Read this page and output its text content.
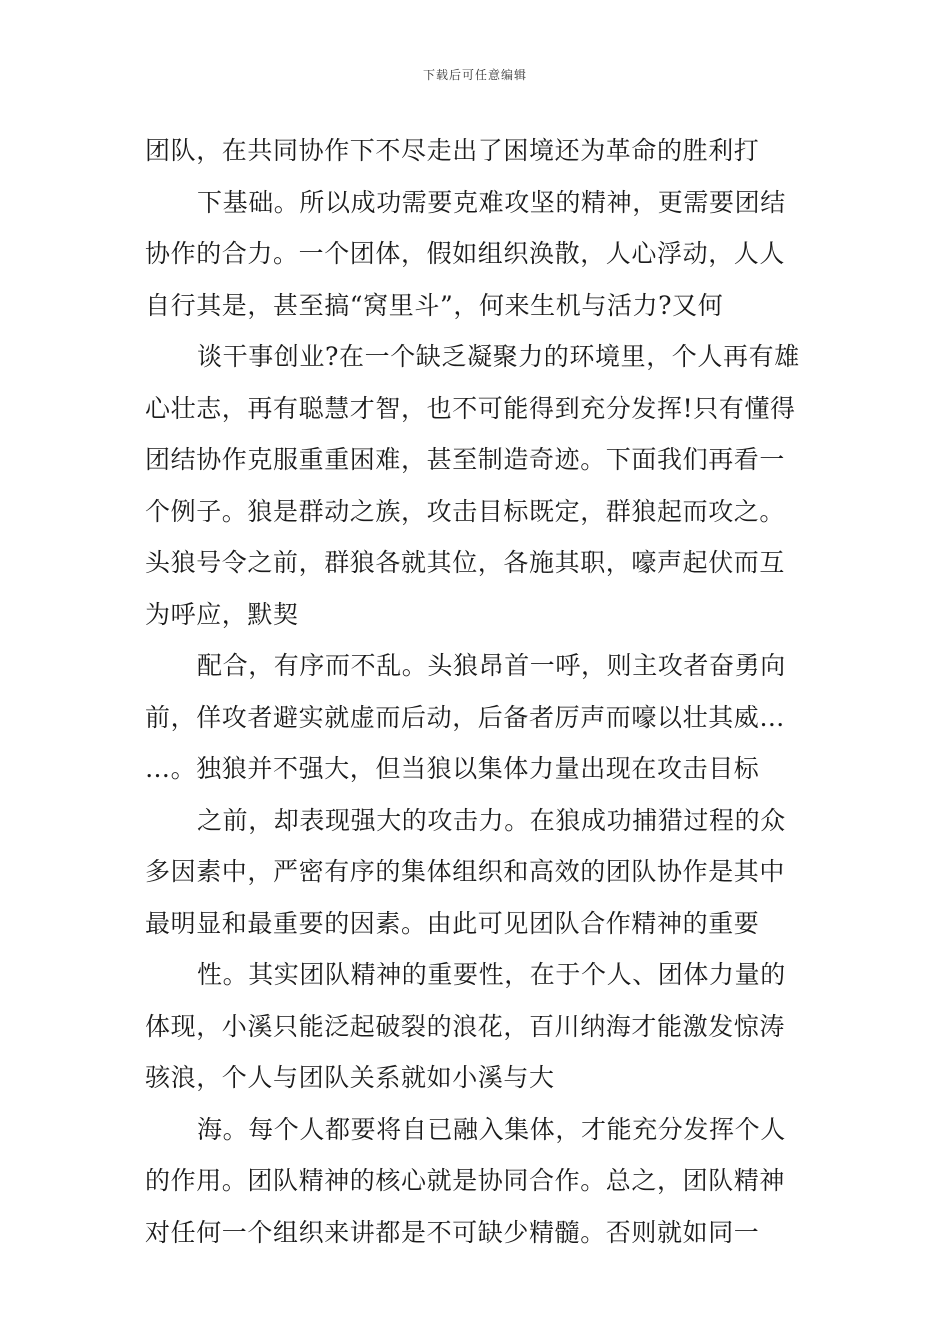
下载后可任意编辑
团队，在共同协作下不尽走出了困境还为革命的胜利打
下基础。所以成功需要克难攻坚的精神，更需要团结
协作的合力。一个团体，假如组织涣散，人心浮动，人人
自行其是，甚至搞“窝里斗”，何来生机与活力?又何
谈干事创业?在一个缺乏凝聚力的环境里，个人再有雄
心壮志，再有聪慧才智，也不可能得到充分发挥!只有懂得
团结协作克服重重困难，甚至制造奇迹。下面我们再看一
个例子。狼是群动之族，攻击目标既定，群狼起而攻之。
头狼号令之前，群狼各就其位，各施其职，嚎声起伏而互
为呼应，默契
配合，有序而不乱。头狼昂首一呼，则主攻者奋勇向
前，佯攻者避实就虚而后动，后备者厉声而嚎以壮其威…
…。独狼并不强大，但当狼以集体力量出现在攻击目标
之前，却表现强大的攻击力。在狼成功捕猎过程的众
多因素中，严密有序的集体组织和高效的团队协作是其中
最明显和最重要的因素。由此可见团队合作精神的重要
性。其实团队精神的重要性，在于个人、团体力量的
体现，小溪只能泛起破裂的浪花，百川纳海才能激发惊涛
骇浪，个人与团队关系就如小溪与大
海。每个人都要将自已融入集体，才能充分发挥个人
的作用。团队精神的核心就是协同合作。总之，团队精神
对任何一个组织来讲都是不可缺少精髓。否则就如同一
